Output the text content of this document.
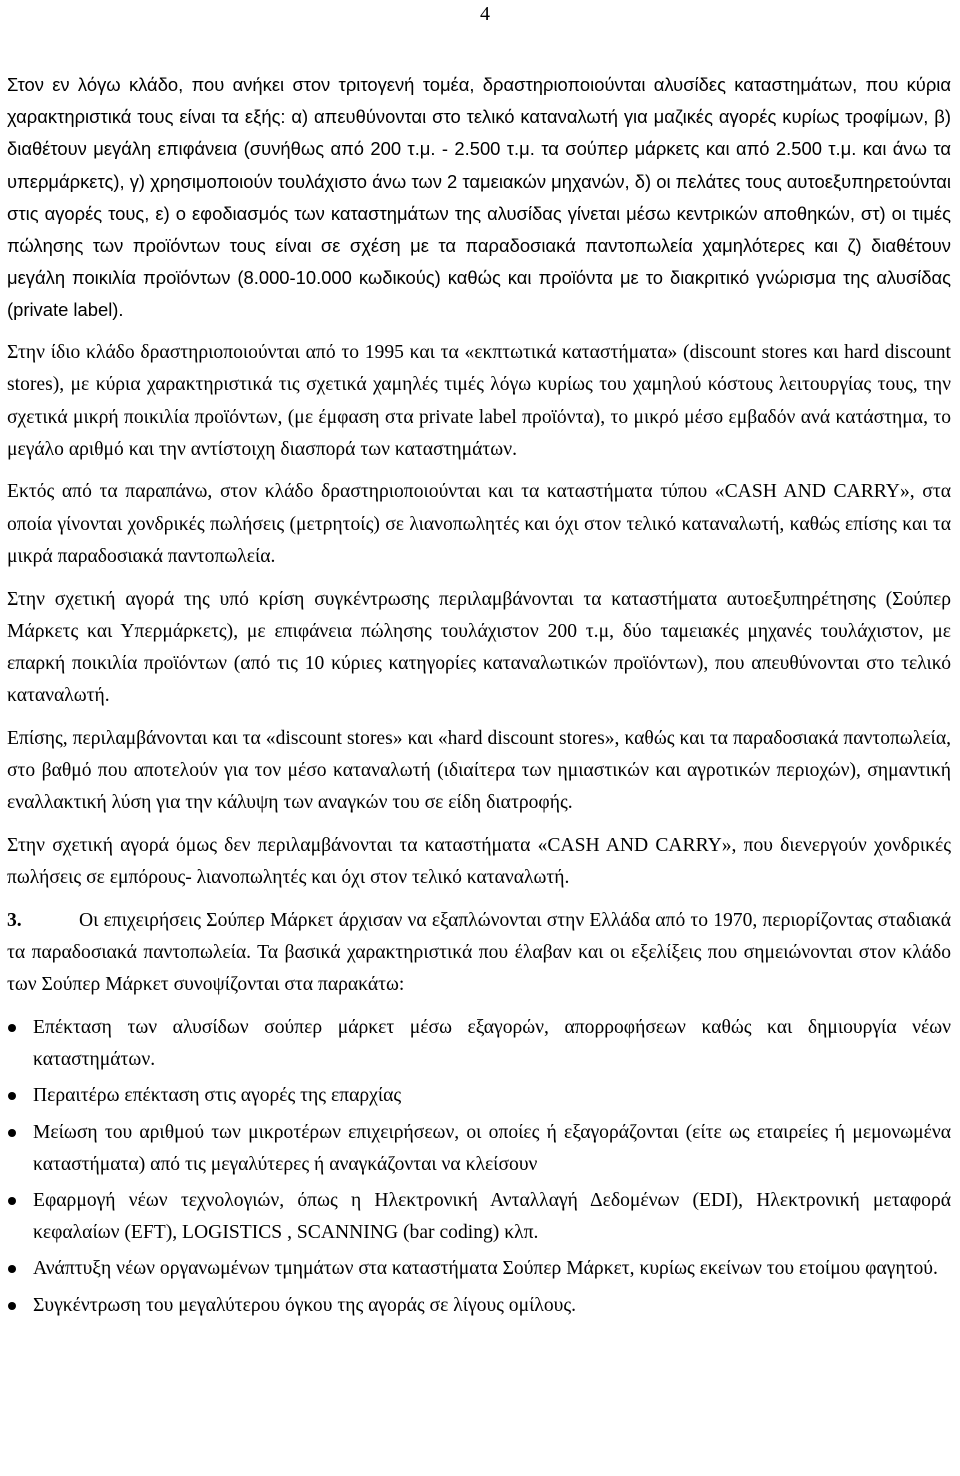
4

Στον εν λόγω κλάδο, που ανήκει στον τριτογενή τομέα, δραστηριοποιούνται αλυσίδες καταστημάτων, που κύρια χαρακτηριστικά τους είναι τα εξής: α) απευθύνονται στο τελικό καταναλωτή για μαζικές αγορές κυρίως τροφίμων, β) διαθέτουν μεγάλη επιφάνεια (συνήθως από 200 τ.μ. - 2.500 τ.μ. τα σούπερ μάρκετς και από 2.500 τ.μ. και άνω τα υπερμάρκετς), γ) χρησιμοποιούν τουλάχιστο άνω των 2 ταμειακών μηχανών, δ) οι πελάτες τους αυτοεξυπηρετούνται στις αγορές τους, ε) ο εφοδιασμός των καταστημάτων της αλυσίδας γίνεται μέσω κεντρικών αποθηκών, στ) οι τιμές πώλησης των προϊόντων τους είναι σε σχέση με τα παραδοσιακά παντοπωλεία χαμηλότερες και ζ) διαθέτουν μεγάλη ποικιλία προϊόντων (8.000-10.000 κωδικούς) καθώς και προϊόντα με το διακριτικό γνώρισμα της αλυσίδας (private label).

Στην ίδιο κλάδο δραστηριοποιούνται από το 1995 και τα «εκπτωτικά καταστήματα» (discount stores και hard discount stores), με κύρια χαρακτηριστικά τις σχετικά χαμηλές τιμές λόγω κυρίως του χαμηλού κόστους λειτουργίας τους, την σχετικά μικρή ποικιλία προϊόντων, (με έμφαση στα private label προϊόντα), το μικρό μέσο εμβαδόν ανά κατάστημα, το μεγάλο αριθμό και την αντίστοιχη διασπορά των καταστημάτων.

Εκτός από τα παραπάνω, στον κλάδο δραστηριοποιούνται και τα καταστήματα τύπου «CASH AND CARRY», στα οποία γίνονται χονδρικές πωλήσεις (μετρητοίς) σε λιανοπωλητές και όχι στον τελικό καταναλωτή, καθώς επίσης και τα μικρά παραδοσιακά παντοπωλεία.

Στην σχετική αγορά της υπό κρίση συγκέντρωσης περιλαμβάνονται τα καταστήματα αυτοεξυπηρέτησης (Σούπερ Μάρκετς και Υπερμάρκετς), με επιφάνεια πώλησης τουλάχιστον 200 τ.μ, δύο ταμειακές μηχανές τουλάχιστον, με επαρκή ποικιλία προϊόντων (από τις 10 κύριες κατηγορίες καταναλωτικών προϊόντων), που απευθύνονται στο τελικό καταναλωτή.

Επίσης, περιλαμβάνονται και τα «discount stores» και «hard discount stores», καθώς και τα παραδοσιακά παντοπωλεία, στο βαθμό που αποτελούν για τον μέσο καταναλωτή (ιδιαίτερα των ημιαστικών και αγροτικών περιοχών), σημαντική εναλλακτική λύση για την κάλυψη των αναγκών του σε είδη διατροφής.

Στην σχετική αγορά όμως δεν περιλαμβάνονται τα καταστήματα «CASH AND CARRY», που διενεργούν χονδρικές πωλήσεις σε εμπόρους- λιανοπωλητές και όχι στον τελικό καταναλωτή.

3.	Οι επιχειρήσεις Σούπερ Μάρκετ άρχισαν να εξαπλώνονται στην Ελλάδα από το 1970, περιορίζοντας σταδιακά τα παραδοσιακά παντοπωλεία. Τα βασικά χαρακτηριστικά που έλαβαν και οι εξελίξεις που σημειώνονται στον κλάδο των Σούπερ Μάρκετ συνοψίζονται στα παρακάτω:

Επέκταση των αλυσίδων σούπερ μάρκετ μέσω εξαγορών, απορροφήσεων καθώς και δημιουργία νέων καταστημάτων.
Περαιτέρω επέκταση στις αγορές της επαρχίας
Μείωση του αριθμού των μικροτέρων επιχειρήσεων, οι οποίες ή εξαγοράζονται (είτε ως εταιρείες ή μεμονωμένα καταστήματα) από τις μεγαλύτερες ή αναγκάζονται να κλείσουν
Εφαρμογή νέων τεχνολογιών, όπως η Ηλεκτρονική Ανταλλαγή Δεδομένων (EDI), Ηλεκτρονική μεταφορά κεφαλαίων (EFT), LOGISTICS , SCANNING (bar coding) κλπ.
Ανάπτυξη νέων οργανωμένων τμημάτων στα καταστήματα Σούπερ Μάρκετ, κυρίως εκείνων του ετοίμου φαγητού.
Συγκέντρωση του μεγαλύτερου όγκου της αγοράς σε λίγους ομίλους.
